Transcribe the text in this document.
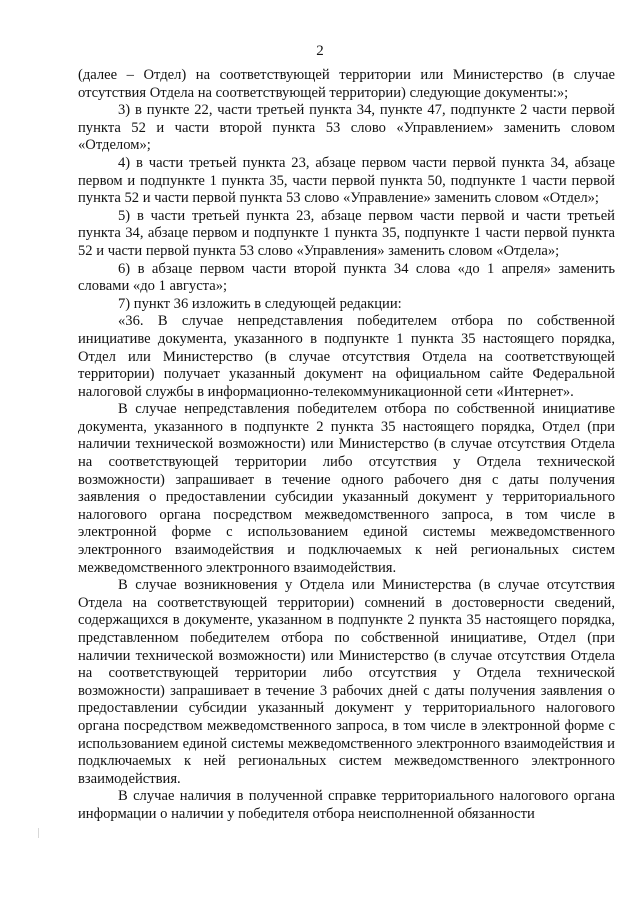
2

(далее – Отдел) на соответствующей территории или Министерство (в случае отсутствия Отдела на соответствующей территории) следующие документы:»;

3) в пункте 22, части третьей пункта 34, пункте 47, подпункте 2 части первой пункта 52 и части второй пункта 53 слово «Управлением» заменить словом «Отделом»;

4) в части третьей пункта 23, абзаце первом части первой пункта 34, абзаце первом и подпункте 1 пункта 35, части первой пункта 50, подпункте 1 части первой пункта 52 и части первой пункта 53 слово «Управление» заменить словом «Отдел»;

5) в части третьей пункта 23, абзаце первом части первой и части третьей пункта 34, абзаце первом и подпункте 1 пункта 35, подпункте 1 части первой пункта 52 и части первой пункта 53 слово «Управления» заменить словом «Отдела»;

6) в абзаце первом части второй пункта 34 слова «до 1 апреля» заменить словами «до 1 августа»;

7) пункт 36 изложить в следующей редакции:

«36. В случае непредставления победителем отбора по собственной инициативе документа, указанного в подпункте 1 пункта 35 настоящего порядка, Отдел или Министерство (в случае отсутствия Отдела на соответствующей территории) получает указанный документ на официальном сайте Федеральной налоговой службы в информационно-телекоммуникационной сети «Интернет».

В случае непредставления победителем отбора по собственной инициативе документа, указанного в подпункте 2 пункта 35 настоящего порядка, Отдел (при наличии технической возможности) или Министерство (в случае отсутствия Отдела на соответствующей территории либо отсутствия у Отдела технической возможности) запрашивает в течение одного рабочего дня с даты получения заявления о предоставлении субсидии указанный документ у территориального налогового органа посредством межведомственного запроса, в том числе в электронной форме с использованием единой системы межведомственного электронного взаимодействия и подключаемых к ней региональных систем межведомственного электронного взаимодействия.

В случае возникновения у Отдела или Министерства (в случае отсутствия Отдела на соответствующей территории) сомнений в достоверности сведений, содержащихся в документе, указанном в подпункте 2 пункта 35 настоящего порядка, представленном победителем отбора по собственной инициативе, Отдел (при наличии технической возможности) или Министерство (в случае отсутствия Отдела на соответствующей территории либо отсутствия у Отдела технической возможности) запрашивает в течение 3 рабочих дней с даты получения заявления о предоставлении субсидии указанный документ у территориального налогового органа посредством межведомственного запроса, в том числе в электронной форме с использованием единой системы межведомственного электронного взаимодействия и подключаемых к ней региональных систем межведомственного электронного взаимодействия.

В случае наличия в полученной справке территориального налогового органа информации о наличии у победителя отбора неисполненной обязанности
